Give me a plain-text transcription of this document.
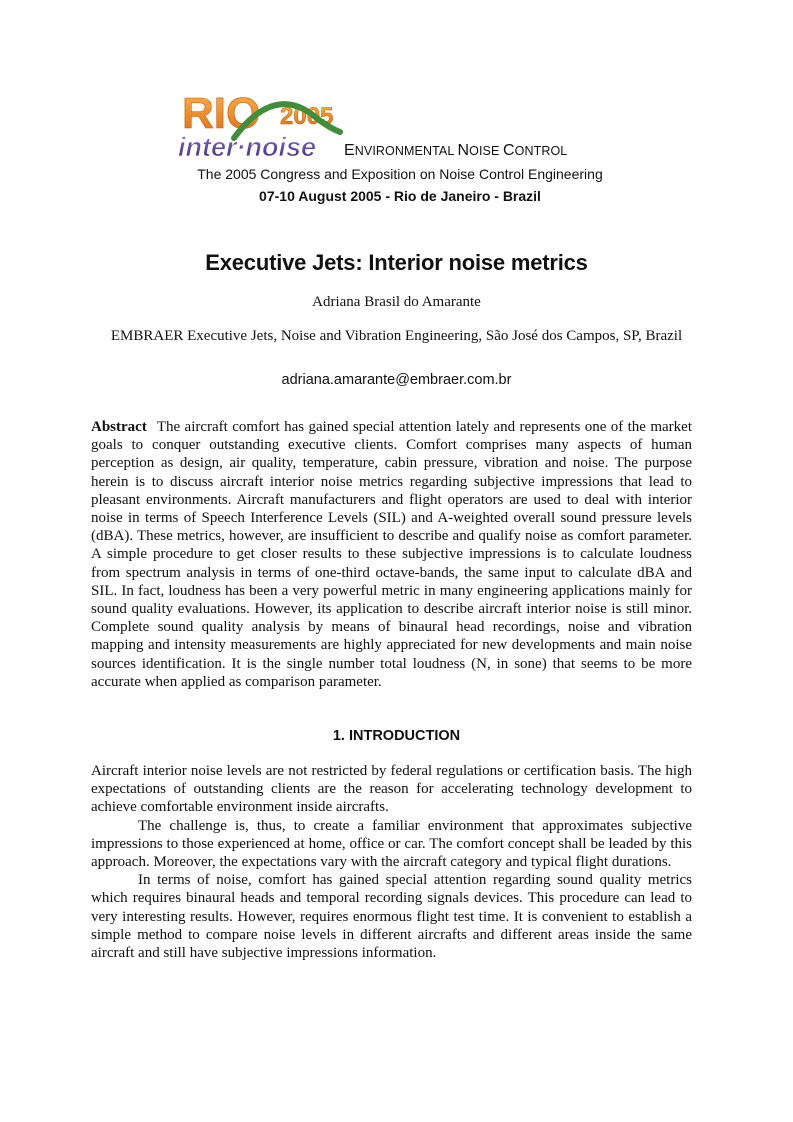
RIO 2005
inter·noise ENVIRONMENTAL NOISE CONTROL
The 2005 Congress and Exposition on Noise Control Engineering
07-10 August 2005 - Rio de Janeiro - Brazil
Executive Jets: Interior noise metrics
Adriana Brasil do Amarante
EMBRAER Executive Jets, Noise and Vibration Engineering, São José dos Campos, SP, Brazil
adriana.amarante@embraer.com.br

Abstract The aircraft comfort has gained special attention lately and represents one of the market goals to conquer outstanding executive clients. Comfort comprises many aspects of human perception as design, air quality, temperature, cabin pressure, vibration and noise. The purpose herein is to discuss aircraft interior noise metrics regarding subjective impressions that lead to pleasant environments. Aircraft manufacturers and flight operators are used to deal with interior noise in terms of Speech Interference Levels (SIL) and A-weighted overall sound pressure levels (dBA). These metrics, however, are insufficient to describe and qualify noise as comfort parameter. A simple procedure to get closer results to these subjective impressions is to calculate loudness from spectrum analysis in terms of one-third octave-bands, the same input to calculate dBA and SIL. In fact, loudness has been a very powerful metric in many engineering applications mainly for sound quality evaluations. However, its application to describe aircraft interior noise is still minor. Complete sound quality analysis by means of binaural head recordings, noise and vibration mapping and intensity measurements are highly appreciated for new developments and main noise sources identification. It is the single number total loudness (N, in sone) that seems to be more accurate when applied as comparison parameter.

1. INTRODUCTION

Aircraft interior noise levels are not restricted by federal regulations or certification basis. The high expectations of outstanding clients are the reason for accelerating technology development to achieve comfortable environment inside aircrafts.

The challenge is, thus, to create a familiar environment that approximates subjective impressions to those experienced at home, office or car. The comfort concept shall be leaded by this approach. Moreover, the expectations vary with the aircraft category and typical flight durations.

In terms of noise, comfort has gained special attention regarding sound quality metrics which requires binaural heads and temporal recording signals devices. This procedure can lead to very interesting results. However, requires enormous flight test time. It is convenient to establish a simple method to compare noise levels in different aircrafts and different areas inside the same aircraft and still have subjective impressions information.
